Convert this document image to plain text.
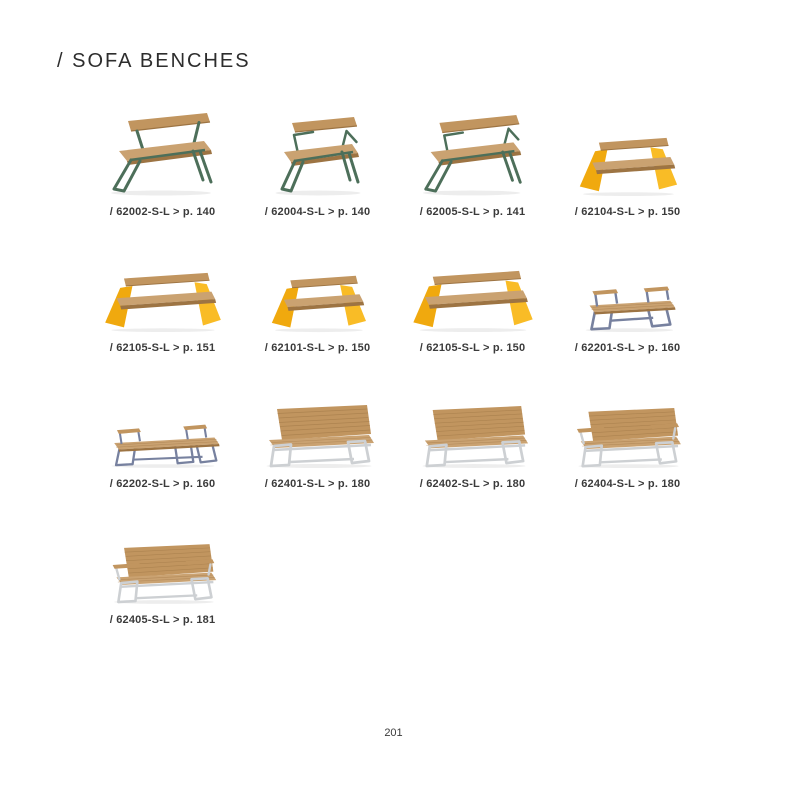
/ SOFA BENCHES
/ 62002-S-L > p. 140	/ 62004-S-L > p. 140	/ 62005-S-L > p. 141	/ 62104-S-L > p. 150
/ 62105-S-L > p. 151	/ 62101-S-L > p. 150	/ 62105-S-L > p. 150	/ 62201-S-L > p. 160
/ 62202-S-L > p. 160	/ 62401-S-L > p. 180	/ 62402-S-L > p. 180	/ 62404-S-L > p. 180
/ 62405-S-L > p. 181
201
